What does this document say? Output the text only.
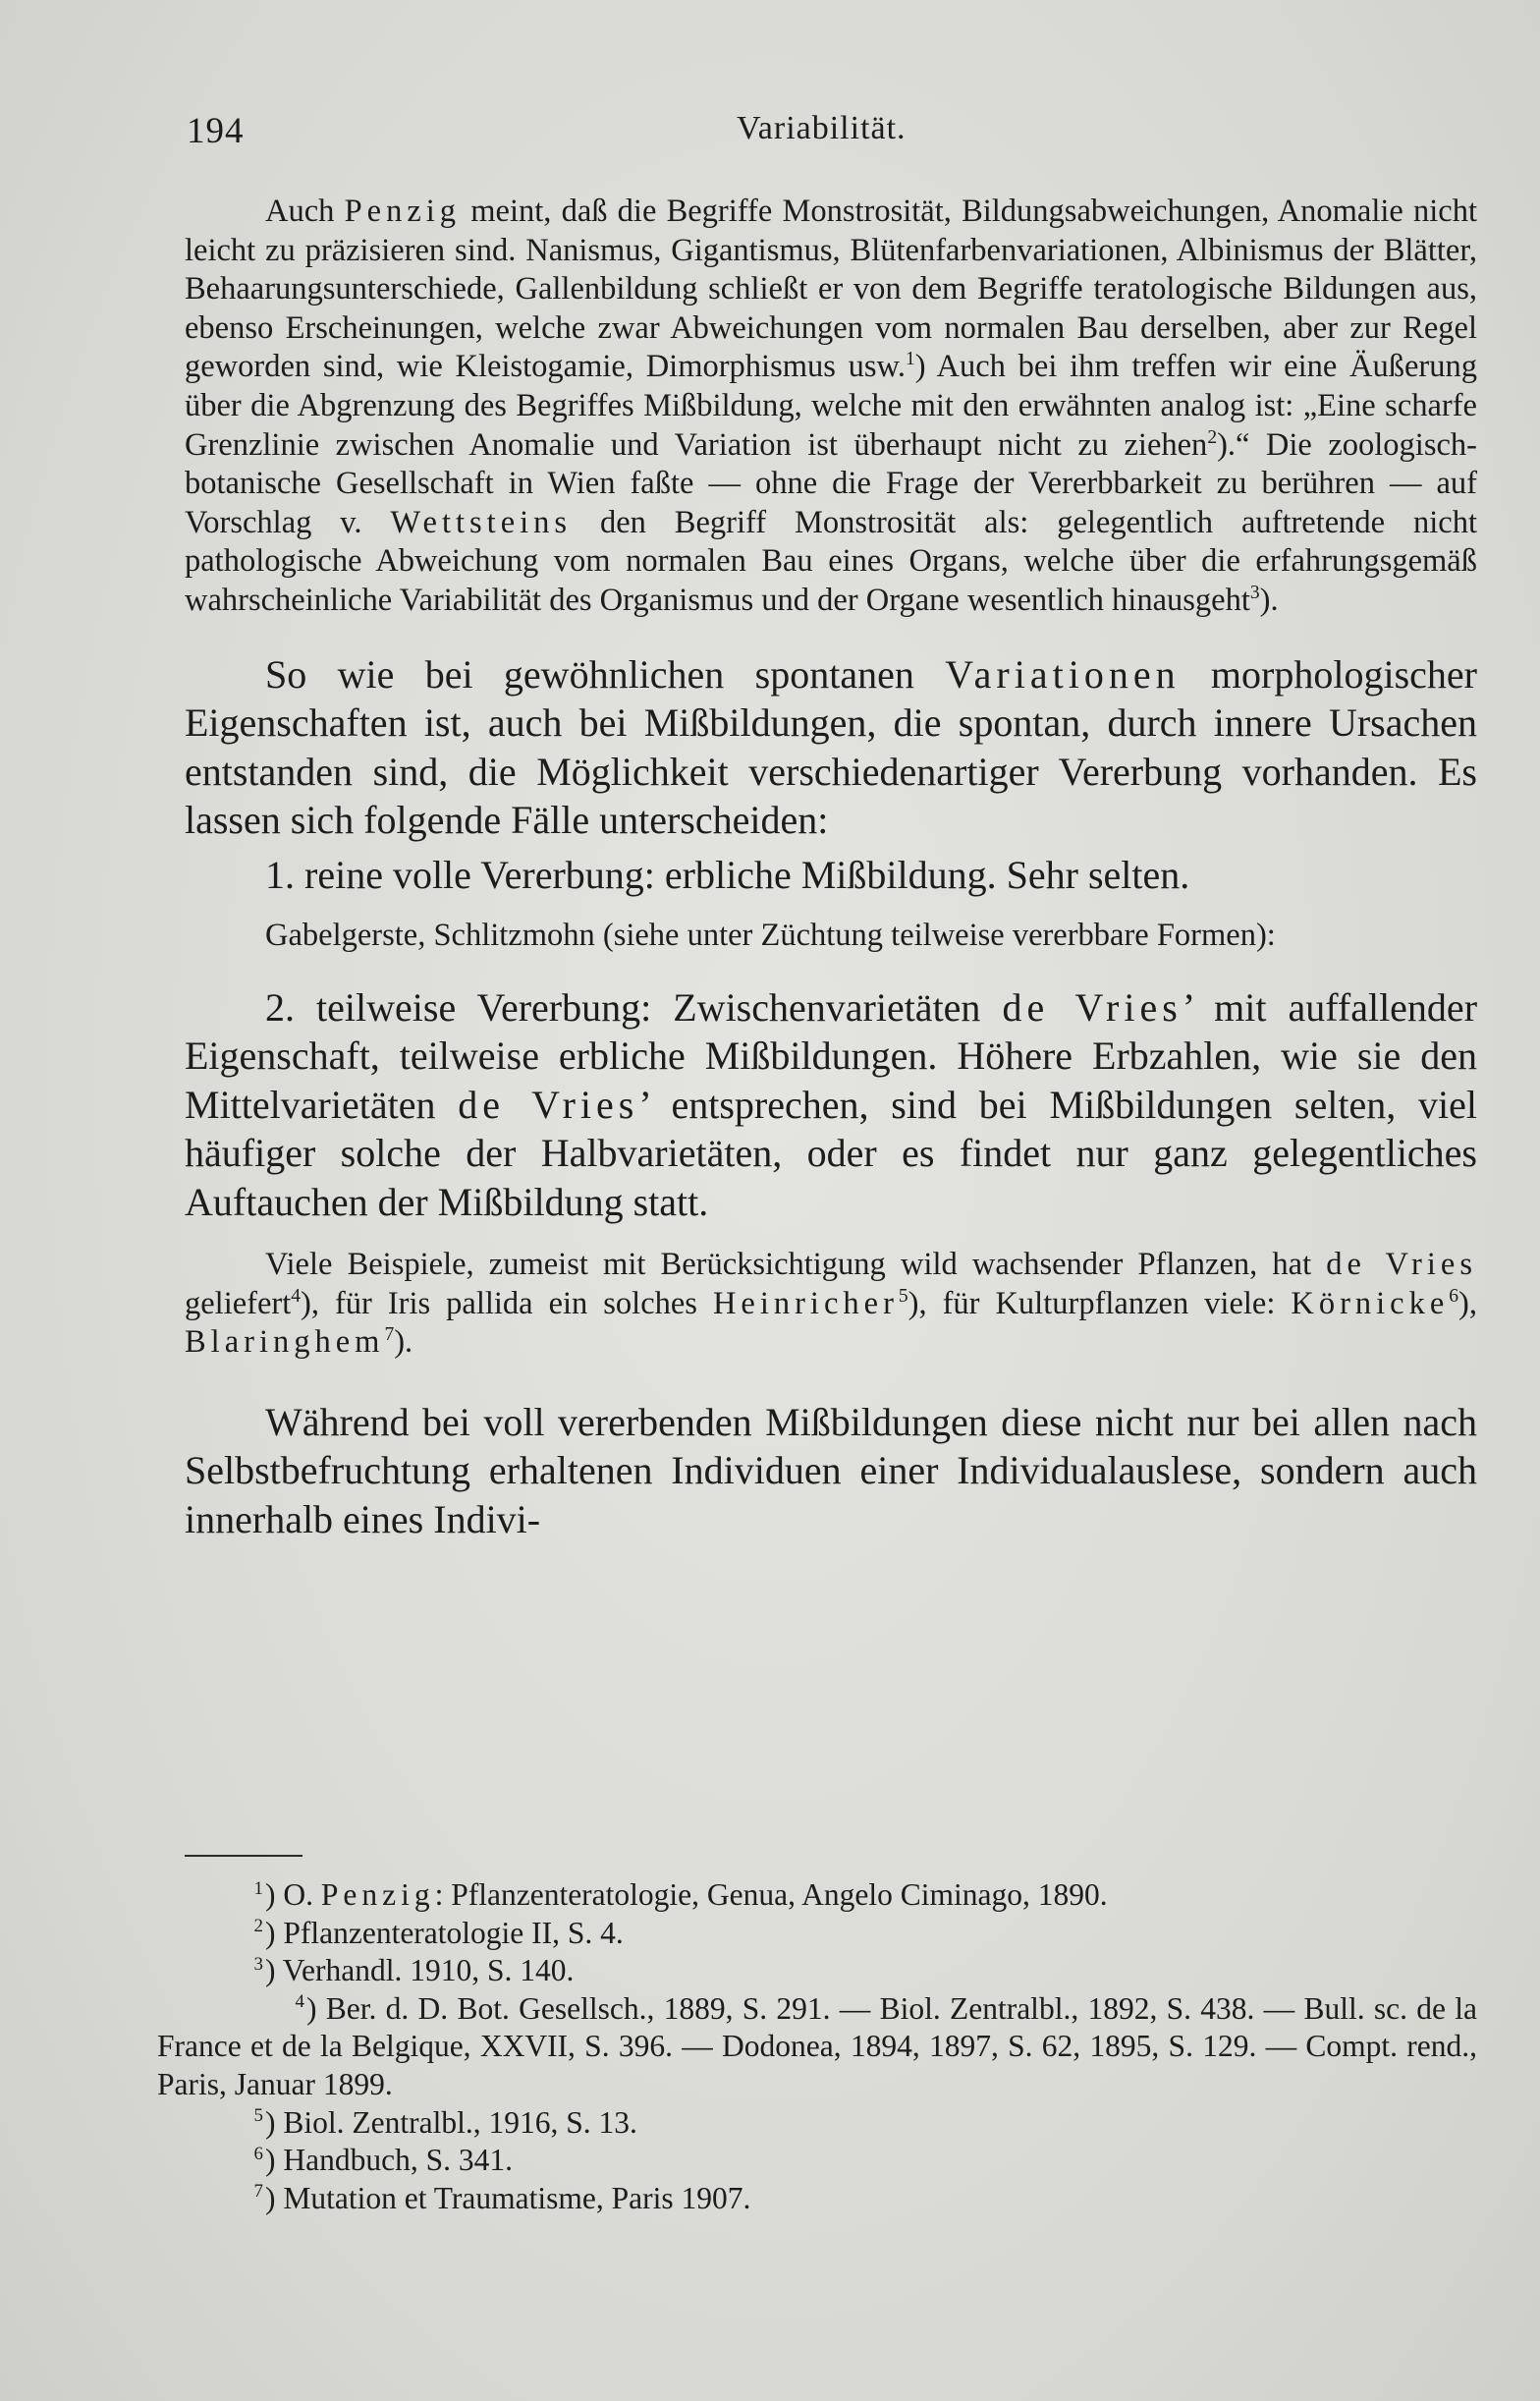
194	Variabilität.

Auch Penzig meint, daß die Begriffe Monstrosität, Bildungsabweichungen, Anomalie nicht leicht zu präzisieren sind. Nanismus, Gigantismus, Blütenfarbenvariationen, Albinismus der Blätter, Behaarungsunterschiede, Gallenbildung schließt er von dem Begriffe teratologische Bildungen aus, ebenso Erscheinungen, welche zwar Abweichungen vom normalen Bau derselben, aber zur Regel geworden sind, wie Kleistogamie, Dimorphismus usw.$^1$) Auch bei ihm treffen wir eine Äußerung über die Abgrenzung des Begriffes Mißbildung, welche mit den erwähnten analog ist: „Eine scharfe Grenzlinie zwischen Anomalie und Variation ist überhaupt nicht zu ziehen$^2$).“ Die zoologisch-botanische Gesellschaft in Wien faßte — ohne die Frage der Vererbbarkeit zu berühren — auf Vorschlag v. Wettsteins den Begriff Monstrosität als: gelegentlich auftretende nicht pathologische Abweichung vom normalen Bau eines Organs, welche über die erfahrungsgemäß wahrscheinliche Variabilität des Organismus und der Organe wesentlich hinausgeht$^3$).

So wie bei gewöhnlichen spontanen Variationen morphologischer Eigenschaften ist, auch bei Mißbildungen, die spontan, durch innere Ursachen entstanden sind, die Möglichkeit verschiedenartiger Vererbung vorhanden. Es lassen sich folgende Fälle unterscheiden:

1. reine volle Vererbung: erbliche Mißbildung. Sehr selten.

Gabelgerste, Schlitzmohn (siehe unter Züchtung teilweise vererbbare Formen):

2. teilweise Vererbung: Zwischenvarietäten de Vries’ mit auffallender Eigenschaft, teilweise erbliche Mißbildungen. Höhere Erbzahlen, wie sie den Mittelvarietäten de Vries’ entsprechen, sind bei Mißbildungen selten, viel häufiger solche der Halbvarietäten, oder es findet nur ganz gelegentliches Auftauchen der Mißbildung statt.

Viele Beispiele, zumeist mit Berücksichtigung wild wachsender Pflanzen, hat de Vries geliefert$^4$), für Iris pallida ein solches Heinricher$^5$), für Kulturpflanzen viele: Körnicke$^6$), Blaringhem$^7$).

Während bei voll vererbenden Mißbildungen diese nicht nur bei allen nach Selbstbefruchtung erhaltenen Individuen einer Individualauslese, sondern auch innerhalb eines Indivi-

$^1$) O. Penzig: Pflanzenteratologie, Genua, Angelo Ciminago, 1890.

$^2$) Pflanzenteratologie II, S. 4.

$^3$) Verhandl. 1910, S. 140.

$^4$) Ber. d. D. Bot. Gesellsch., 1889, S. 291. — Biol. Zentralbl., 1892, S. 438. — Bull. sc. de la France et de la Belgique, XXVII, S. 396. — Dodonea, 1894, 1897, S. 62, 1895, S. 129. — Compt. rend., Paris, Januar 1899.

$^5$) Biol. Zentralbl., 1916, S. 13.

$^6$) Handbuch, S. 341.

$^7$) Mutation et Traumatisme, Paris 1907.
